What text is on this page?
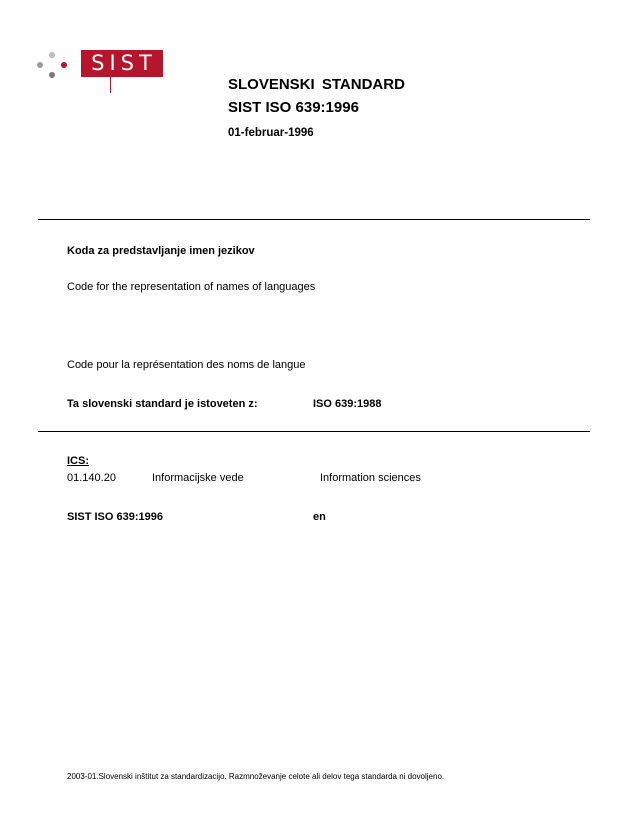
SIST
SLOVENSKI STANDARD
SIST ISO 639:1996
01-februar-1996
Koda za predstavljanje imen jezikov
Code for the representation of names of languages
Code pour la représentation des noms de langue
Ta slovenski standard je istoveten z:	ISO 639:1988
ICS:
01.140.20	Informacijske vede	Information sciences
SIST ISO 639:1996	en
2003-01.Slovenski inštitut za standardizacijo. Razmnoževanje celote ali delov tega standarda ni dovoljeno.
